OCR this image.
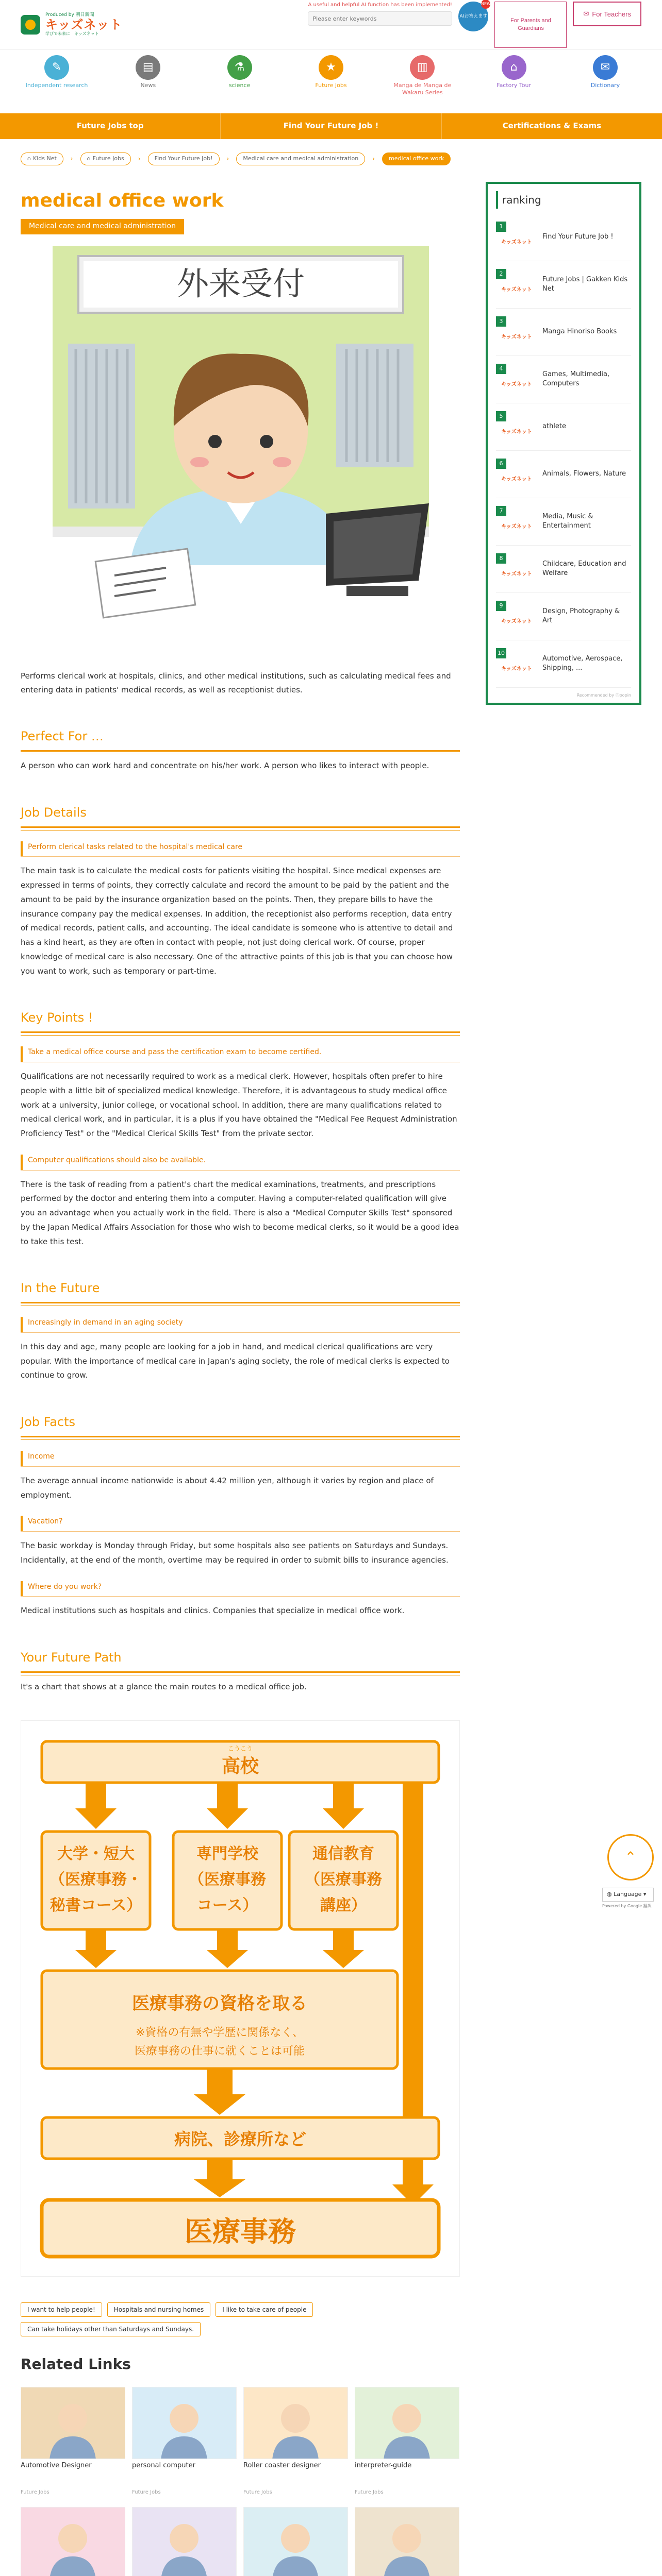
Produced by 朝日新聞
キッズネット
学びで未来に　キッズネット
A useful and helpful AI function has been implemented!
Please enter keywords
AIお答えます
NEW
For Parents and Guardians
✉ For Teachers
✎
Independent research
▤
News
⚗
science
★
Future Jobs
▥
Manga de Manga de Wakaru Series
⌂
Factory Tour
✉
Dictionary
Future Jobs top	Find Your Future Job !	Certifications & Exams
⌂ Kids Net › ⌂ Future Jobs ›	Find Your Future Job!	›	Medical care and medical administration	›	medical office work
medical office work
Medical care and medical administration
外来受付

Performs clerical work at hospitals, clinics, and other medical institutions, such as calculating medical fees and entering data in patients' medical records, as well as receptionist duties.

Perfect For …

A person who can work hard and concentrate on his/her work. A person who likes to interact with people.

Job Details
Perform clerical tasks related to the hospital's medical care

The main task is to calculate the medical costs for patients visiting the hospital. Since medical expenses are expressed in terms of points, they correctly calculate and record the amount to be paid by the patient and the amount to be paid by the insurance organization based on the points. Then, they prepare bills to have the insurance company pay the medical expenses. In addition, the receptionist also performs reception, data entry of medical records, patient calls, and accounting. The ideal candidate is someone who is attentive to detail and has a kind heart, as they are often in contact with people, not just doing clerical work. Of course, proper knowledge of medical care is also necessary. One of the attractive points of this job is that you can choose how you want to work, such as temporary or part-time.

Key Points !
Take a medical office course and pass the certification exam to become certified.

Qualifications are not necessarily required to work as a medical clerk. However, hospitals often prefer to hire people with a little bit of specialized medical knowledge. Therefore, it is advantageous to study medical office work at a university, junior college, or vocational school. In addition, there are many qualifications related to medical clerical work, and in particular, it is a plus if you have obtained the "Medical Fee Request Administration Proficiency Test" or the "Medical Clerical Skills Test" from the private sector.

Computer qualifications should also be available.

There is the task of reading from a patient's chart the medical examinations, treatments, and prescriptions performed by the doctor and entering them into a computer. Having a computer-related qualification will give you an advantage when you actually work in the field. There is also a "Medical Computer Skills Test" sponsored by the Japan Medical Affairs Association for those who wish to become medical clerks, so it would be a good idea to take this test.

In the Future
Increasingly in demand in an aging society

In this day and age, many people are looking for a job in hand, and medical clerical qualifications are very popular. With the importance of medical care in Japan's aging society, the role of medical clerks is expected to continue to grow.

Job Facts
Income

The average annual income nationwide is about 4.42 million yen, although it varies by region and place of employment.

Vacation?

The basic workday is Monday through Friday, but some hospitals also see patients on Saturdays and Sundays. Incidentally, at the end of the month, overtime may be required in order to submit bills to insurance agencies.

Where do you work?

Medical institutions such as hospitals and clinics. Companies that specialize in medical office work.

Your Future Path

It's a chart that shows at a glance the main routes to a medical office job.

こうこう
高校
大学・短大
（医療事務・
秘書コース）
専門学校
（医療事務
コース）
通信教育
（医療事務
講座）
医療事務の資格を取る
※資格の有無や学歴に関係なく、
医療事務の仕事に就くことは可能
病院、診療所など
医療事務
I want to help people!	Hospitals and nursing homes	I like to take care of people
Can take holidays other than Saturdays and Sundays.
Related Links
Automotive Designer
Future Jobs
personal computer
Future Jobs
Roller coaster designer
Future Jobs
interpreter-guide
Future Jobs
ranking
1
キッズネット
Find Your Future Job !
2
キッズネット
Future Jobs | Gakken Kids Net
3
キッズネット
Manga Hinoriso Books
4
キッズネット
Games, Multimedia, Computers
5
キッズネット
athlete
6
キッズネット
Animals, Flowers, Nature
7
キッズネット
Media, Music & Entertainment
8
キッズネット
Childcare, Education and Welfare
9
キッズネット
Design, Photography & Art
10
キッズネット
Automotive, Aerospace, Shipping, ...
Recommended by Ⓡpopin
⌃
◍ Language ▾
Powered by Google 翻訳
